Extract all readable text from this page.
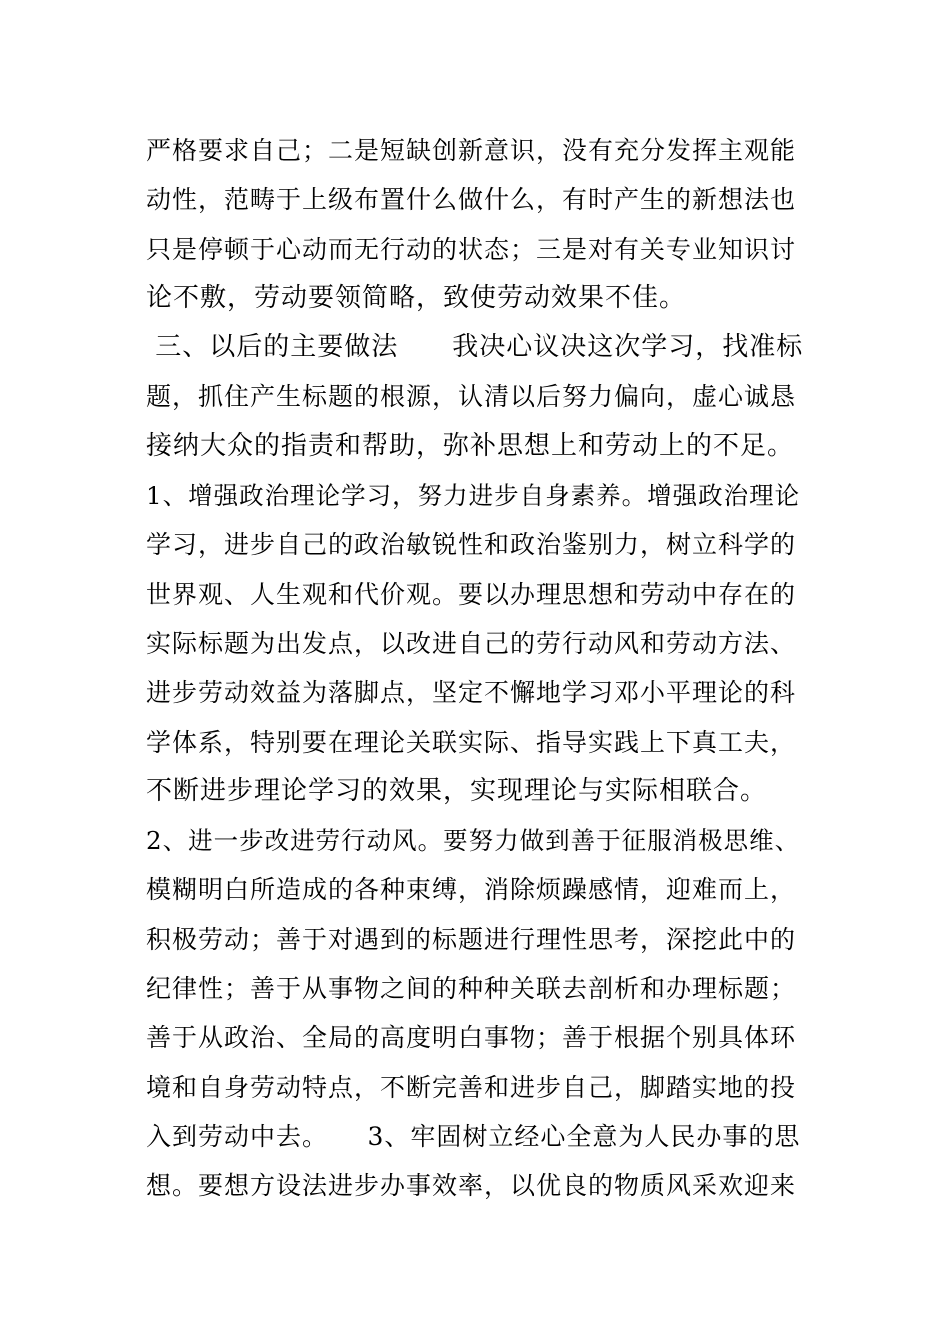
严格要求自己；二是短缺创新意识，没有充分发挥主观能
动性，范畴于上级布置什么做什么，有时产生的新想法也
只是停顿于心动而无行动的状态；三是对有关专业知识讨
论不敷，劳动要领简略，致使劳动效果不佳。
三、以后的主要做法　　我决心议决这次学习，找准标
题，抓住产生标题的根源，认清以后努力偏向，虚心诚恳
接纳大众的指责和帮助，弥补思想上和劳动上的不足。
1、增强政治理论学习，努力进步自身素养。增强政治理论
学习，进步自己的政治敏锐性和政治鉴别力，树立科学的
世界观、人生观和代价观。要以办理思想和劳动中存在的
实际标题为出发点，以改进自己的劳行动风和劳动方法、
进步劳动效益为落脚点，坚定不懈地学习邓小平理论的科
学体系，特别要在理论关联实际、指导实践上下真工夫，
不断进步理论学习的效果，实现理论与实际相联合。
2、进一步改进劳行动风。要努力做到善于征服消极思维、
模糊明白所造成的各种束缚，消除烦躁感情，迎难而上，
积极劳动；善于对遇到的标题进行理性思考，深挖此中的
纪律性；善于从事物之间的种种关联去剖析和办理标题；
善于从政治、全局的高度明白事物；善于根据个别具体环
境和自身劳动特点，不断完善和进步自己，脚踏实地的投
入到劳动中去。　　3、牢固树立经心全意为人民办事的思
想。要想方设法进步办事效率，以优良的物质风采欢迎来
